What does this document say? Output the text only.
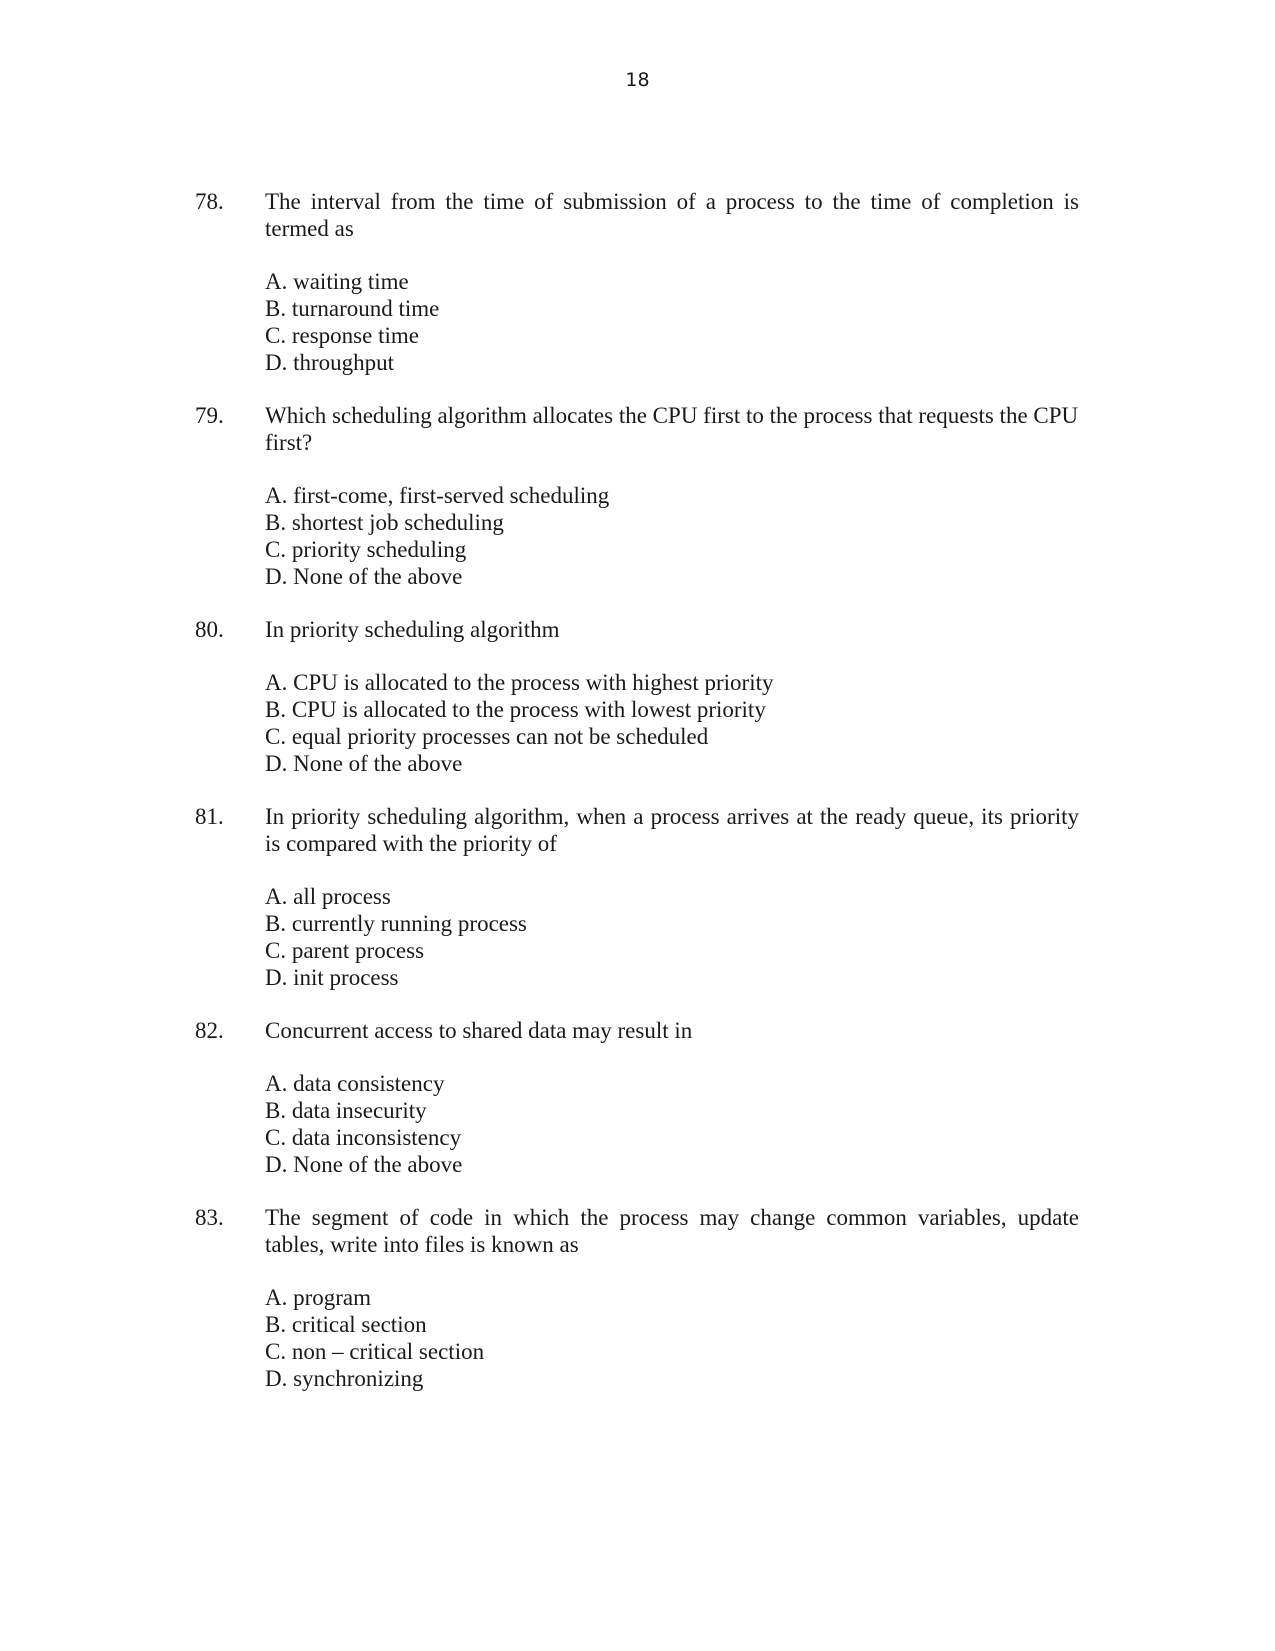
18
78.	The interval from the time of submission of a process to the time of completion is termed as
A. waiting time
B. turnaround time
C. response time
D. throughput
79.	Which scheduling algorithm allocates the CPU first to the process that requests the CPU first?
A. first-come, first-served scheduling
B. shortest job scheduling
C. priority scheduling
D. None of the above
80.	In priority scheduling algorithm
A. CPU is allocated to the process with highest priority
B. CPU is allocated to the process with lowest priority
C. equal priority processes can not be scheduled
D. None of the above
81.	In priority scheduling algorithm, when a process arrives at the ready queue, its priority is compared with the priority of
A. all process
B. currently running process
C. parent process
D. init process
82.	Concurrent access to shared data may result in
A. data consistency
B. data insecurity
C. data inconsistency
D. None of the above
83.	The segment of code in which the process may change common variables, update tables, write into files is known as
A. program
B. critical section
C. non – critical section
D. synchronizing
